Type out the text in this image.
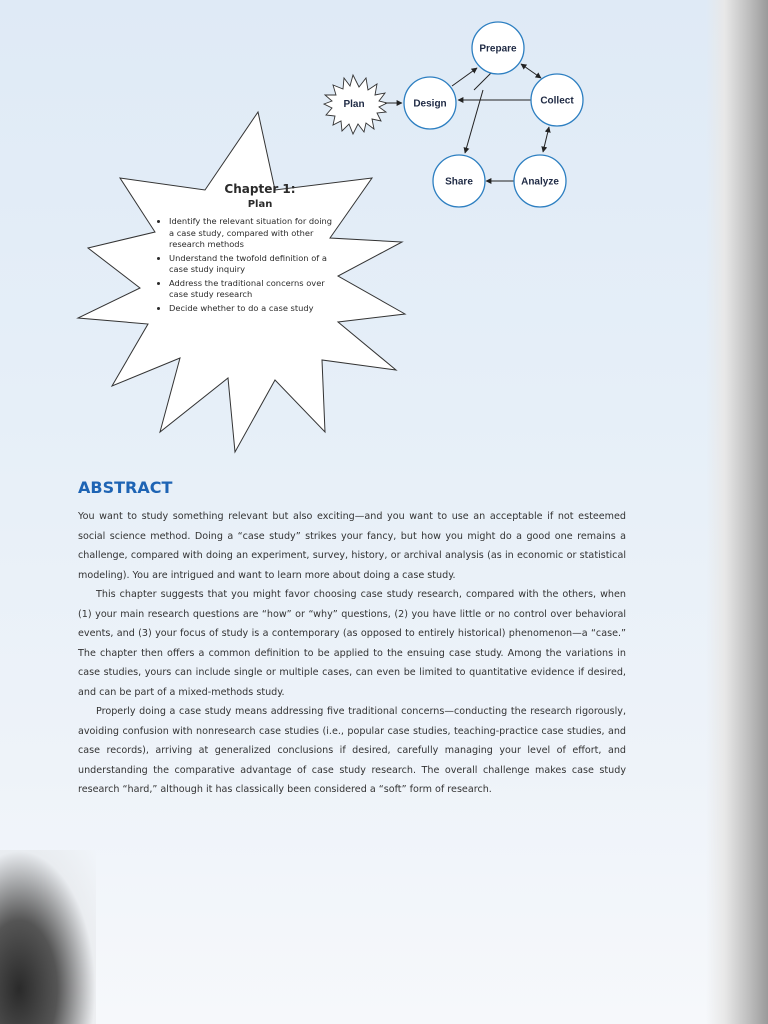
Design
Prepare
Collect
Share	Analyze
Plan
Chapter 1:
Plan
• Identify the relevant situation for doing a case study, compared with other research methods
• Understand the twofold definition of a case study inquiry
• Address the traditional concerns over case study research
• Decide whether to do a case study
ABSTRACT

You want to study something relevant but also exciting—and you want to use an acceptable if not esteemed social science method. Doing a “case study” strikes your fancy, but how you might do a good one remains a challenge, compared with doing an experiment, survey, history, or archival analysis (as in economic or statistical modeling). You are intrigued and want to learn more about doing a case study.

This chapter suggests that you might favor choosing case study research, compared with the others, when (1) your main research questions are “how” or “why” questions, (2) you have little or no control over behavioral events, and (3) your focus of study is a contemporary (as opposed to entirely historical) phenomenon—a “case.” The chapter then offers a common definition to be applied to the ensuing case study. Among the variations in case studies, yours can include single or multiple cases, can even be limited to quantitative evidence if desired, and can be part of a mixed-methods study.

Properly doing a case study means addressing five traditional concerns—conducting the research rigorously, avoiding confusion with nonresearch case studies (i.e., popular case studies, teaching-practice case studies, and case records), arriving at generalized conclusions if desired, carefully managing your level of effort, and understanding the comparative advantage of case study research. The overall challenge makes case study research “hard,” although it has classically been considered a “soft” form of research.
